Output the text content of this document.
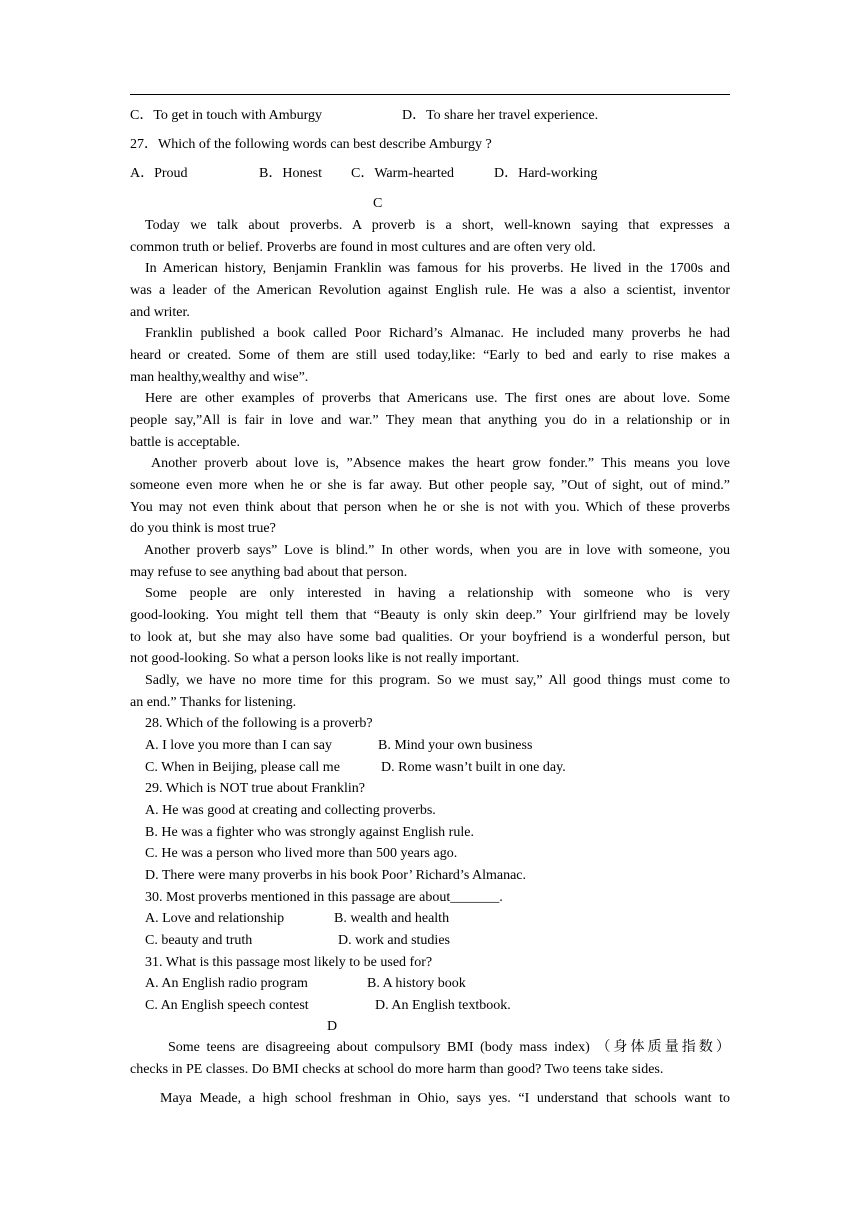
C．To get in touch with Amburgy	D．To share her travel experience.
27．Which of the following words can best describe Amburgy ?
A．Proud	B．Honest C．Warm-hearted	D．Hard-working
C
Today we talk about proverbs. A proverb is a short, well-known saying that expresses a
common truth or belief. Proverbs are found in most cultures and are often very old.
In American history, Benjamin Franklin was famous for his proverbs. He lived in the 1700s and
was a leader of the American Revolution against English rule. He was a also a scientist, inventor
and writer.
Franklin published a book called Poor Richard’s Almanac. He included many proverbs he had
heard or created. Some of them are still used today,like: “Early to bed and early to rise makes a
man healthy,wealthy and wise”.
Here are other examples of proverbs that Americans use. The first ones are about love. Some
people say,”All is fair in love and war.” They mean that anything you do in a relationship or in
battle is acceptable.
Another proverb about love is, ”Absence makes the heart grow fonder.” This means you love
someone even more when he or she is far away. But other people say, ”Out of sight, out of mind.”
You may not even think about that person when he or she is not with you. Which of these proverbs
do you think is most true?
Another proverb says” Love is blind.” In other words, when you are in love with someone, you
may refuse to see anything bad about that person.
Some people are only interested in having a relationship with someone who is very
good-looking. You might tell them that “Beauty is only skin deep.” Your girlfriend may be lovely
to look at, but she may also have some bad qualities. Or your boyfriend is a wonderful person, but
not good-looking. So what a person looks like is not really important.
Sadly, we have no more time for this program. So we must say,” All good things must come to
an end.” Thanks for listening.
28. Which of the following is a proverb?
A. I love you more than I can say	B. Mind your own business
C. When in Beijing, please call me	D. Rome wasn’t built in one day.
29. Which is NOT true about Franklin?
A. He was good at creating and collecting proverbs.
B. He was a fighter who was strongly against English rule.
C. He was a person who lived more than 500 years ago.
D. There were many proverbs in his book Poor’ Richard’s Almanac.
30. Most proverbs mentioned in this passage are about_______.
A. Love and relationship	B. wealth and health
C. beauty and truth	D. work and studies
31. What is this passage most likely to be used for?
A. An English radio program	B. A history book
C. An English speech contest	D. An English textbook.
D
Some teens are disagreeing about compulsory BMI (body mass index) （身体质量指数）
checks in PE classes. Do BMI checks at school do more harm than good? Two teens take sides.
Maya Meade, a high school freshman in Ohio, says yes. “I understand that schools want to
